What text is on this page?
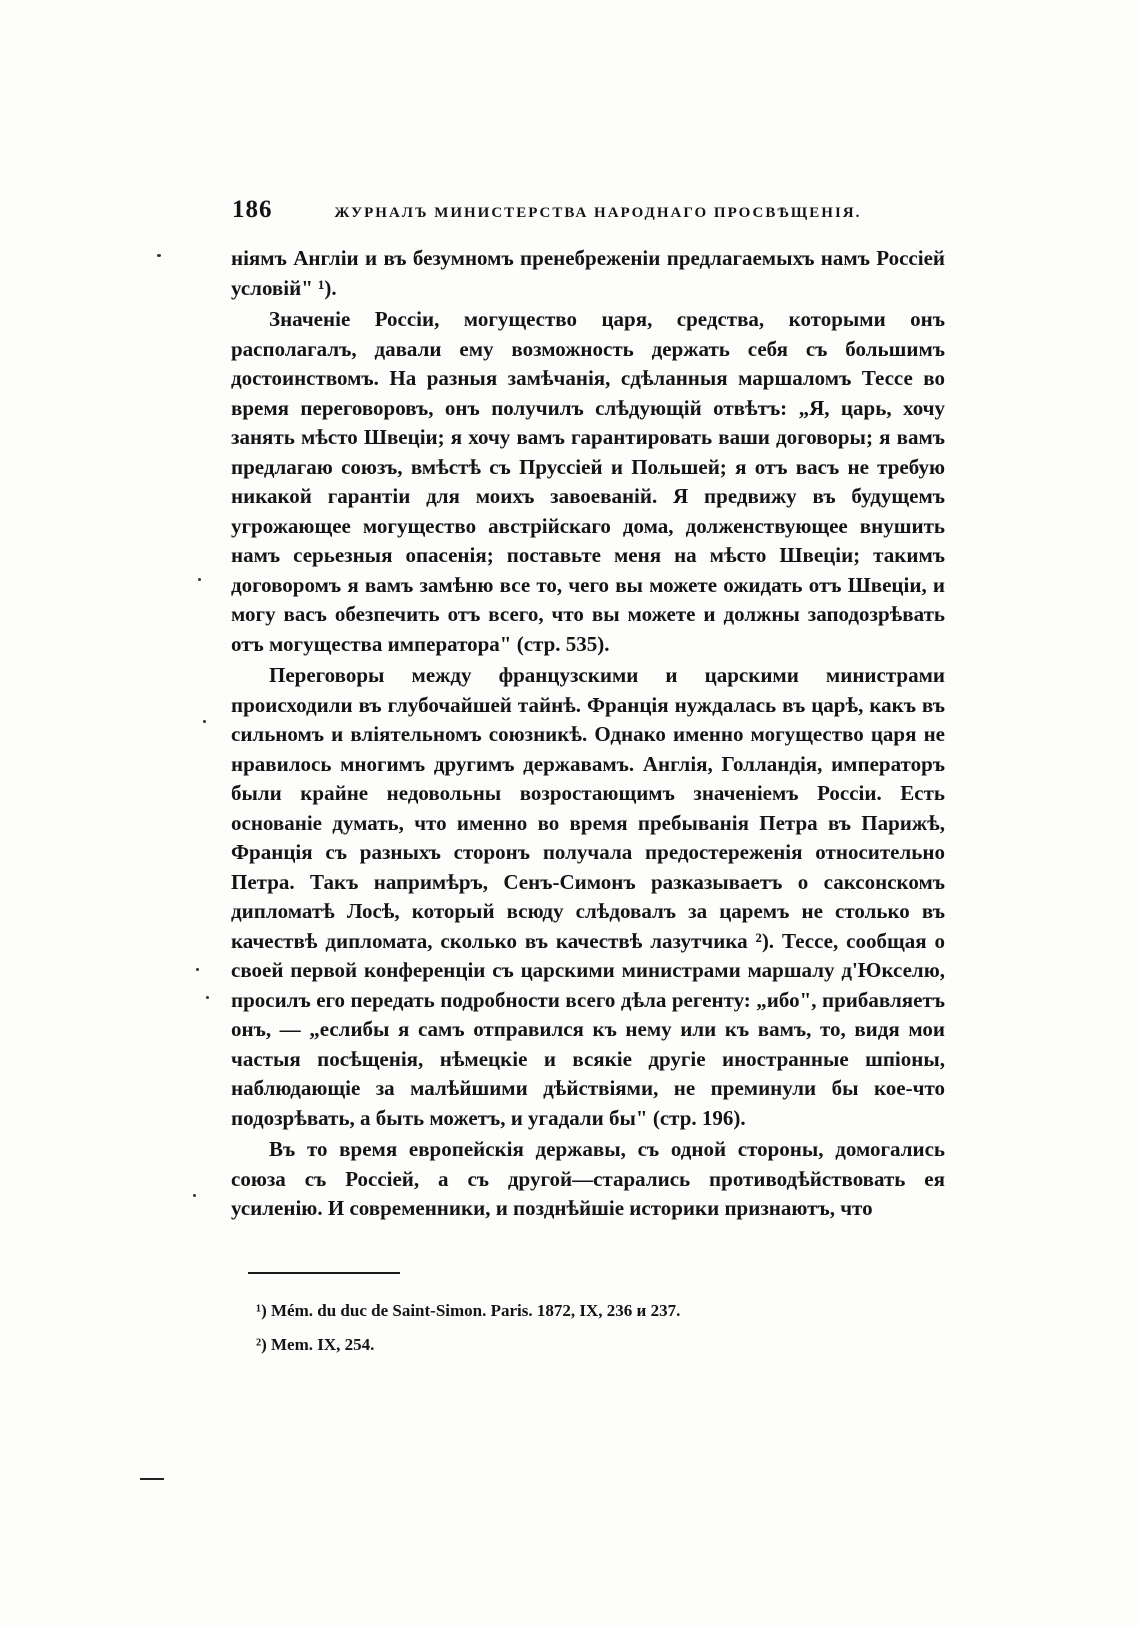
186	ЖУРНАЛЪ МИНИСТЕРСТВА НАРОДНАГО ПРОСВѢЩЕНІЯ.

ніямъ Англіи и въ безумномъ пренебреженіи предлагаемыхъ намъ Россіей условій" ¹).

Значеніе Россіи, могущество царя, средства, которыми онъ располагалъ, давали ему возможность держать себя съ большимъ достоинствомъ. На разныя замѣчанія, сдѣланныя маршаломъ Тессе во время переговоровъ, онъ получилъ слѣдующій отвѣтъ: „Я, царь, хочу занять мѣсто Швеціи; я хочу вамъ гарантировать ваши договоры; я вамъ предлагаю союзъ, вмѣстѣ съ Пруссіей и Польшей; я отъ васъ не требую никакой гарантіи для моихъ завоеваній. Я предвижу въ будущемъ угрожающее могущество австрійскаго дома, долженствующее внушить намъ серьезныя опасенія; поставьте меня на мѣсто Швеціи; такимъ договоромъ я вамъ замѣню все то, чего вы можете ожидать отъ Швеціи, и могу васъ обезпечить отъ всего, что вы можете и должны заподозрѣвать отъ могущества императора" (стр. 535).

Переговоры между французскими и царскими министрами происходили въ глубочайшей тайнѣ. Франція нуждалась въ царѣ, какъ въ сильномъ и вліятельномъ союзникѣ. Однако именно могущество царя не нравилось многимъ другимъ державамъ. Англія, Голландія, императоръ были крайне недовольны возростающимъ значеніемъ Россіи. Есть основаніе думать, что именно во время пребыванія Петра въ Парижѣ, Франція съ разныхъ сторонъ получала предостереженія относительно Петра. Такъ напримѣръ, Сенъ-Симонъ разказываетъ о саксонскомъ дипломатѣ Лосѣ, который всюду слѣдовалъ за царемъ не столько въ качествѣ дипломата, сколько въ качествѣ лазутчика ²). Тессе, сообщая о своей первой конференціи съ царскими министрами маршалу д'Юкселю, просилъ его передать подробности всего дѣла регенту: „ибо", прибавляетъ онъ, — „еслибы я самъ отправился къ нему или къ вамъ, то, видя мои частыя посѣщенія, нѣмецкіе и всякіе другіе иностранные шпіоны, наблюдающіе за малѣйшими дѣйствіями, не преминули бы кое-что подозрѣвать, а быть можетъ, и угадали бы" (стр. 196).

Въ то время европейскія державы, съ одной стороны, домогались союза съ Россіей, а съ другой—старались противодѣйствовать ея усиленію. И современники, и позднѣйшіе историки признаютъ, что

¹) Mém. du duc de Saint-Simon. Paris. 1872, IX, 236 и 237.
²) Mem. IX, 254.
